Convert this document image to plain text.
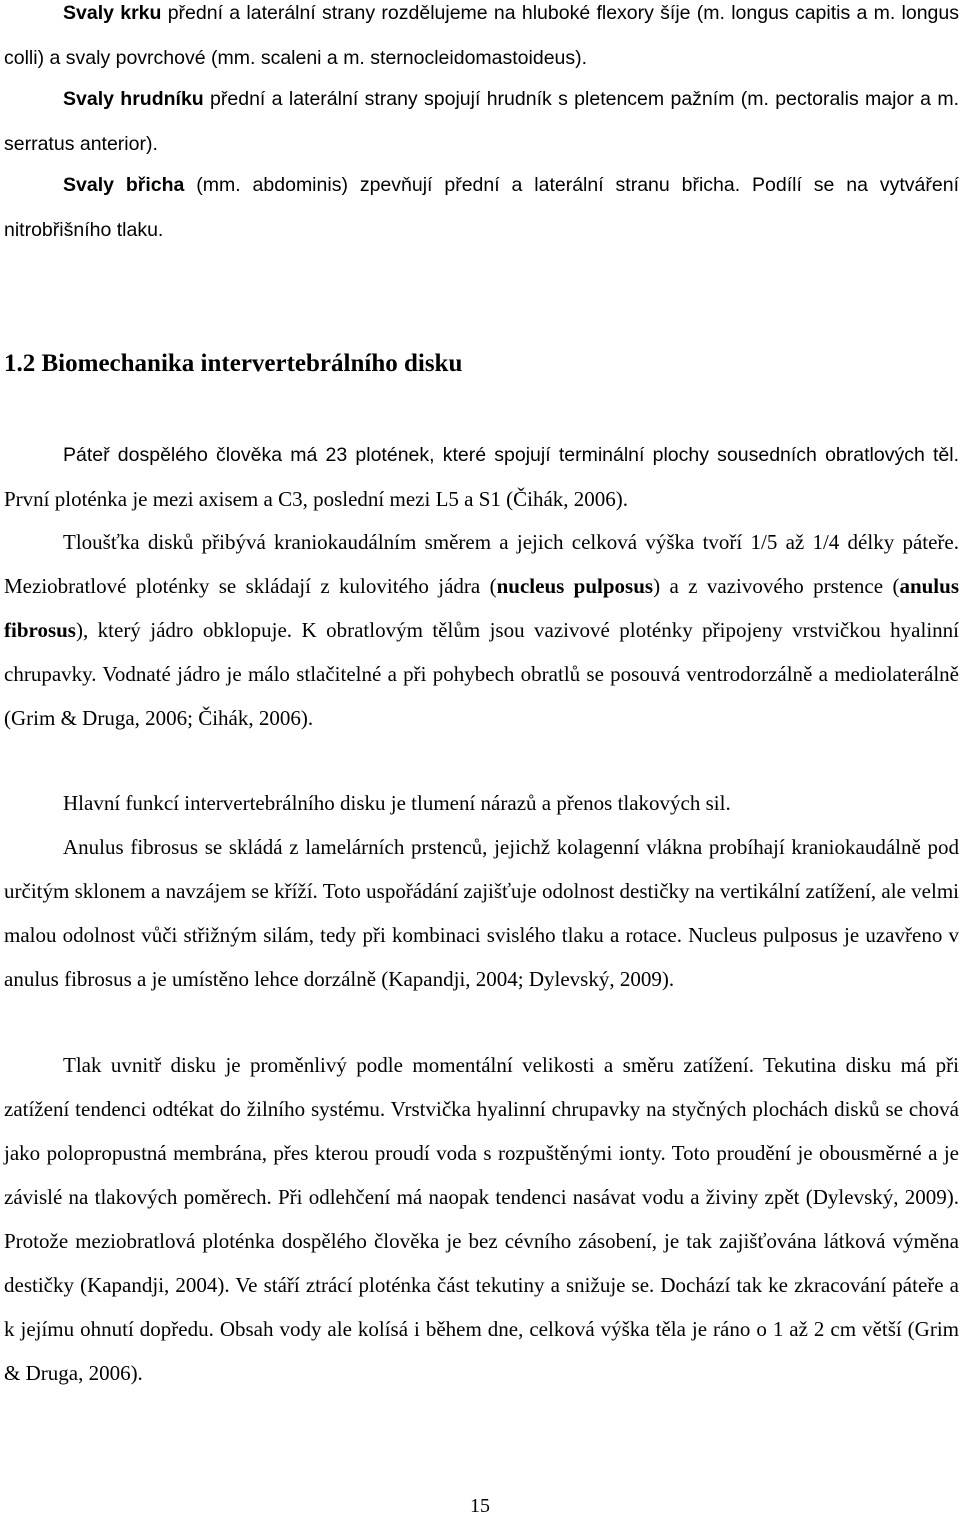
Svaly krku přední a laterální strany rozdělujeme na hluboké flexory šíje (m. longus capitis a m. longus colli) a svaly povrchové (mm. scaleni a m. sternocleidomastoideus).

Svaly hrudníku přední a laterální strany spojují hrudník s pletencem pažním (m. pectoralis major a m. serratus anterior).

Svaly břicha (mm. abdominis) zpevňují přední a laterální stranu břicha. Podílí se na vytváření nitrobřišního tlaku.

1.2 Biomechanika intervertebrálního disku

Páteř dospělého člověka má 23 plotének, které spojují terminální plochy sousedních obratlových těl. První ploténka je mezi axisem a C3, poslední mezi L5 a S1 (Čihák, 2006).

Tloušťka disků přibývá kraniokaudálním směrem a jejich celková výška tvoří 1/5 až 1/4 délky páteře. Meziobratlové ploténky se skládají z kulovitého jádra (nucleus pulposus) a z vazivového prstence (anulus fibrosus), který jádro obklopuje. K obratlovým tělům jsou vazivové ploténky připojeny vrstvičkou hyalinní chrupavky. Vodnaté jádro je málo stlačitelné a při pohybech obratlů se posouvá ventrodorzálně a mediolaterálně (Grim & Druga, 2006; Čihák, 2006).

Hlavní funkcí intervertebrálního disku je tlumení nárazů a přenos tlakových sil.

Anulus fibrosus se skládá z lamelárních prstenců, jejichž kolagenní vlákna probíhají kraniokaudálně pod určitým sklonem a navzájem se kříží. Toto uspořádání zajišťuje odolnost destičky na vertikální zatížení, ale velmi malou odolnost vůči střižným silám, tedy při kombinaci svislého tlaku a rotace. Nucleus pulposus je uzavřeno v anulus fibrosus a je umístěno lehce dorzálně (Kapandji, 2004; Dylevský, 2009).

Tlak uvnitř disku je proměnlivý podle momentální velikosti a směru zatížení. Tekutina disku má při zatížení tendenci odtékat do žilního systému. Vrstvička hyalinní chrupavky na styčných plochách disků se chová jako polopropustná membrána, přes kterou proudí voda s rozpuštěnými ionty. Toto proudění je obousměrné a je závislé na tlakových poměrech. Při odlehčení má naopak tendenci nasávat vodu a živiny zpět (Dylevský, 2009). Protože meziobratlová ploténka dospělého člověka je bez cévního zásobení, je tak zajišťována látková výměna destičky (Kapandji, 2004). Ve stáří ztrácí ploténka část tekutiny a snižuje se. Dochází tak ke zkracování páteře a k jejímu ohnutí dopředu. Obsah vody ale kolísá i během dne, celková výška těla je ráno o 1 až 2 cm větší (Grim & Druga, 2006).

15
